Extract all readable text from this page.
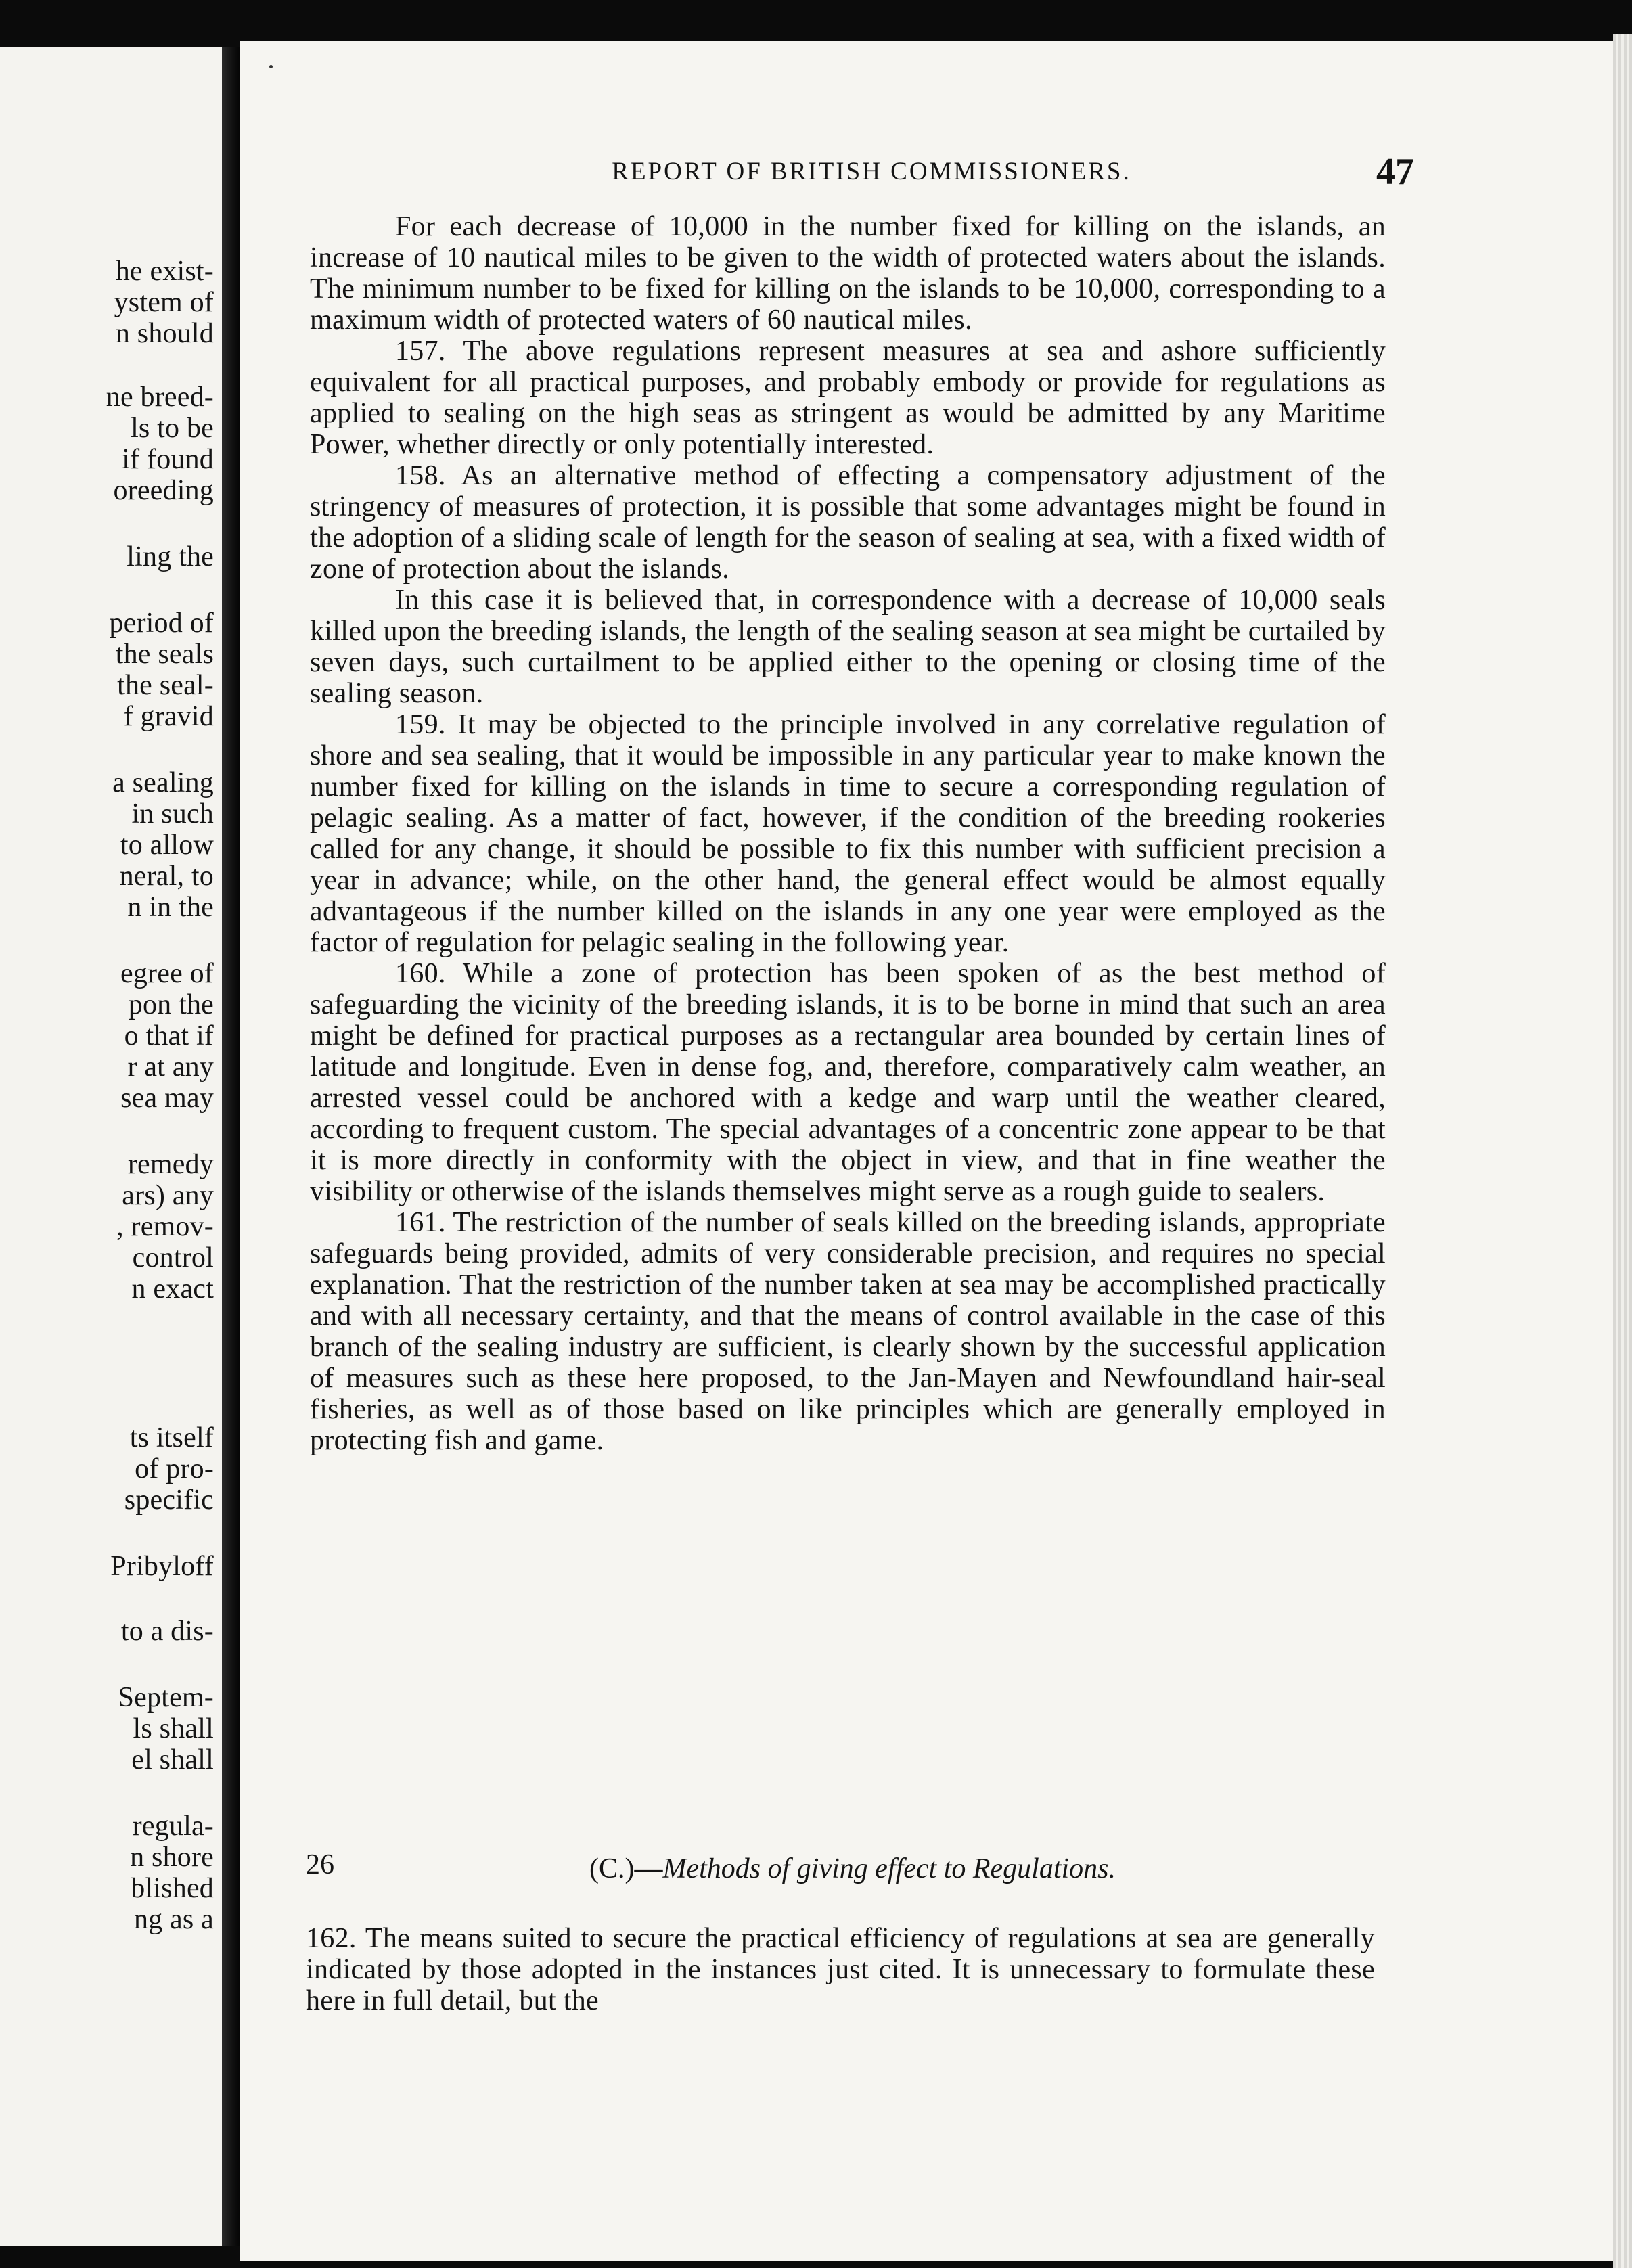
he exist-
ystem of
n should
ne breed-
ls to be
if found
oreeding
ling the
period of
the seals
the seal-
f gravid
a sealing
in such
to allow
neral, to
n in the
egree of
pon the
o that if
r at any
sea may
remedy
ars) any
, remov-
control
n exact
ts itself
of pro-
specific
Pribyloff
to a dis-
Septem-
ls shall
el shall
regula-
n shore
blished
ng as a
REPORT OF BRITISH COMMISSIONERS.	47

For each decrease of 10,000 in the number fixed for killing on the islands, an increase of 10 nautical miles to be given to the width of protected waters about the islands. The minimum number to be fixed for killing on the islands to be 10,000, corresponding to a maximum width of protected waters of 60 nautical miles.

157. The above regulations represent measures at sea and ashore sufficiently equivalent for all practical purposes, and probably embody or provide for regulations as applied to sealing on the high seas as stringent as would be admitted by any Maritime Power, whether directly or only potentially interested.

158. As an alternative method of effecting a compensatory adjustment of the stringency of measures of protection, it is possible that some advantages might be found in the adoption of a sliding scale of length for the season of sealing at sea, with a fixed width of zone of protection about the islands.

In this case it is believed that, in correspondence with a decrease of 10,000 seals killed upon the breeding islands, the length of the sealing season at sea might be curtailed by seven days, such curtailment to be applied either to the opening or closing time of the sealing season.

159. It may be objected to the principle involved in any correlative regulation of shore and sea sealing, that it would be impossible in any particular year to make known the number fixed for killing on the islands in time to secure a corresponding regulation of pelagic sealing. As a matter of fact, however, if the condition of the breeding rookeries called for any change, it should be possible to fix this number with sufficient precision a year in advance; while, on the other hand, the general effect would be almost equally advantageous if the number killed on the islands in any one year were employed as the factor of regulation for pelagic sealing in the following year.

160. While a zone of protection has been spoken of as the best method of safeguarding the vicinity of the breeding islands, it is to be borne in mind that such an area might be defined for practical purposes as a rectangular area bounded by certain lines of latitude and longitude. Even in dense fog, and, therefore, comparatively calm weather, an arrested vessel could be anchored with a kedge and warp until the weather cleared, according to frequent custom. The special advantages of a concentric zone appear to be that it is more directly in conformity with the object in view, and that in fine weather the visibility or otherwise of the islands themselves might serve as a rough guide to sealers.

161. The restriction of the number of seals killed on the breeding islands, appropriate safeguards being provided, admits of very considerable precision, and requires no special explanation. That the restriction of the number taken at sea may be accomplished practically and with all necessary certainty, and that the means of control available in the case of this branch of the sealing industry are sufficient, is clearly shown by the successful application of measures such as these here proposed, to the Jan-Mayen and Newfoundland hair-seal fisheries, as well as of those based on like principles which are generally employed in protecting fish and game.

26	(C.)—Methods of giving effect to Regulations.

162. The means suited to secure the practical efficiency of regulations at sea are generally indicated by those adopted in the instances just cited. It is unnecessary to formulate these here in full detail, but the
